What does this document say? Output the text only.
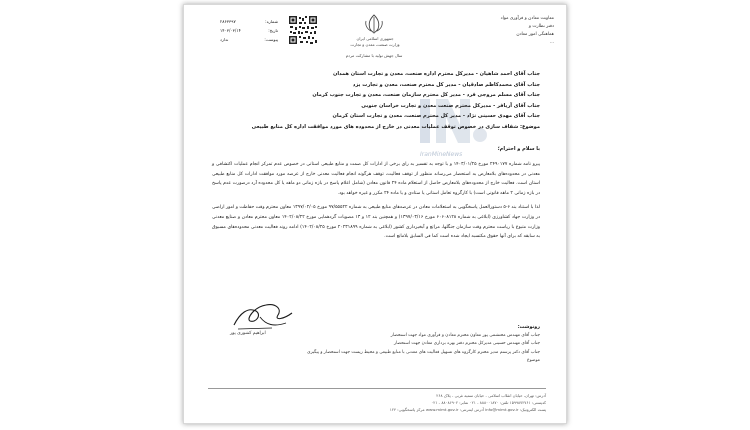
معاونت معادن و فرآوری مواد
دفتر نظارت و
هماهنگی امور معادن
...
جمهوری اسلامی ایران
وزارت صنعت، معدن و تجارت
سال جهش تولید با مشارکت مردم
۲۸۶۳۳۹۷	شماره:
۱۴۰۳/۰۳/۱۴	تاریخ:
ندارد	پیوست:
IranMineNews
جناب آقای احمد شاهیان - مدیرکل محترم اداره صنعت، معدن و تجارت استان همدان
جناب آقای محمدکاظم صادقیان - مدیر کل محترم صنعت، معدن و تجارت یزد
جناب آقای مسلم مروجی فرد - مدیر کل محترم سازمان صنعت، معدن و تجارت جنوب کرمان
جناب آقای آریافر - مدیرکل محترم صنعت معدن و تجارت خراسان جنوبی
جناب آقای مهدی حسینی نژاد - مدیر کل محترم صنعت، معدن و تجارت استان کرمان
موضوع: شفاف سازی در خصوص توقف عملیات معدنی در خارج از محدوده های مورد موافقت اداره کل منابع طبیعی
با سلام و احترام؛

پیرو نامه شماره ۲۴۹۰۱۷۷ مورخ ۱۴۰۳/۰۱/۲۵ و با توجه به تفسیر به رای برخی از ادارات کل صمت و منابع طبیعی استانی در خصوص عدم تمرکز انجام عملیات اکتشافی و معدنی در محدوده‌های بلامعارض به استحضار می‌رساند منظور از توقف فعالیت، توقف هرگونه انجام فعالیت معدنی خارج از عرصه مورد موافقت ادارات کل منابع طبیعی استان است. فعالیت خارج از محدوده‌های بلامعارض حاصل از استعلام ماده ۲۴ قانون معادن (شامل اعلام پاسخ در بازه زمانی دو ماهه یا کل محدوده آرد درصورت عدم پاسخ در بازه زمانی ۲ ماهه قانونی است) با کارگروه تعامل استانی یا ستادی و یا ماده ۲۴ مکرر و غیره خواهد بود.

لذا با استناد بند ۶-۵ دستورالعمل پاسخگویی به استعلامات معادن در عرصه‌های منابع طبیعی به شماره ۹۷/۵۵۵۲۲ مورخ ۱۳۹۷/۰۲/۰۵ معاون محترم وقت حفاظت و امور اراضی در وزارت جهاد کشاورزی (ابلاغی به شماره ۶۰۶۰۸۱۲۸ مورخ ۱۳۹۷/۰۳/۱۶) و همچنین بند ۱۲ و ۱۳ مصوبات گردهمایی مورخ ۱۴۰۲/۰۸/۲۲ معاون محترم معادن و صنایع معدنی وزارت متبوع با ریاست محترم وقت سازمان جنگلها، مراتع و آبخیزداری کشور (ابلاغی به شماره ۲۰۲۳۱۸۹۹ مورخ ۱۴۰۲/۰۸/۲۵) ادامه روند فعالیت معدنی محدوده‌های مسبوق به سابقه که برای آنها حقوق مکتسبه ایجاد شده است کما فی السابق بلامانع است.

ابراهیم کشوری پور
رونوشت:
جناب آقای مهندس محتشمی پور معاون محترم معادن و فرآوری مواد جهت استحضار
جناب آقای مهندس حسینی مدیرکل محترم دفتر بهره برداری معادن جهت استحضار
جناب آقای دکتر پرستم مدیر محترم کارگروه های تسهیل فعالیت های معدنی با منابع طبیعی و محیط زیست جهت استحضار و پیگیری
موضوع
آدرس: تهران، خیابان انقلاب اسلامی - خیابان سمیه غربی - پلاک ۲۶۸
کدپستی: ۱۵۹۹۸۷۲۷۶۱ تلفن: ۸۸۸۰۰۱۸۷۰ - ۰۲۱ نمابر: ۸۸۰۸۶۹۰۲ - ۰۲۱
پست الکترونیک: info@mimt.gov.ir آدرس اینترنتی: www.mimt.gov.ir مرکز پاسخگویی: ۱۲۴
